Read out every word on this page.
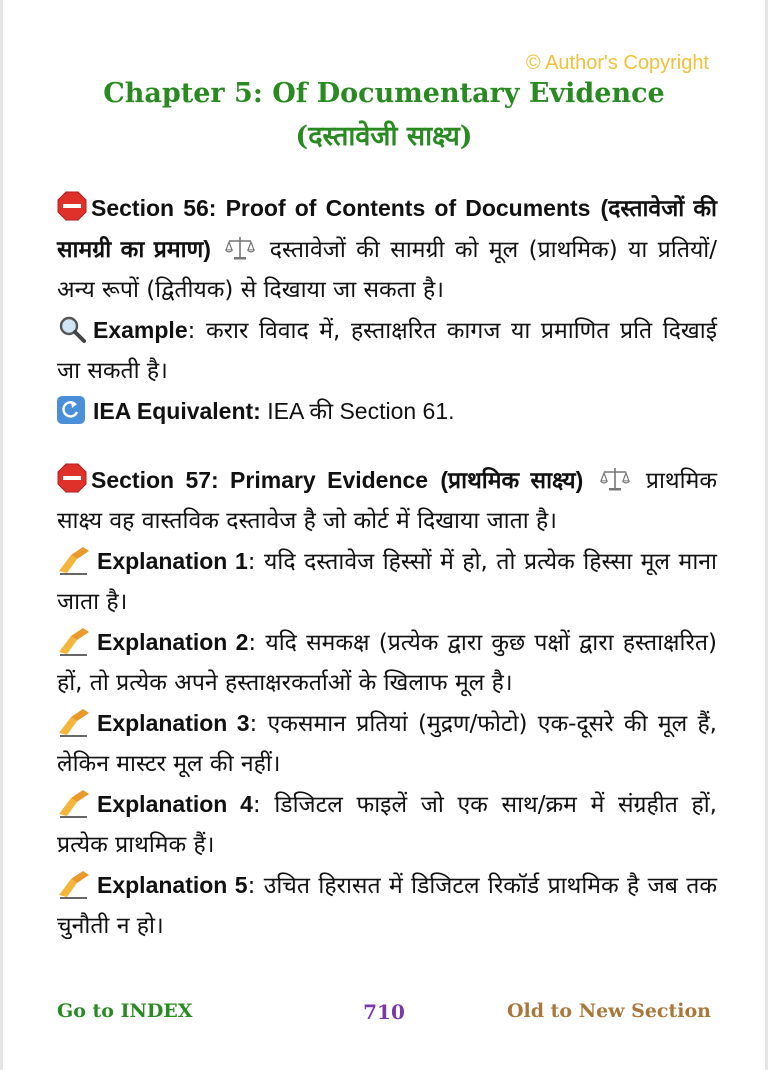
© Author's Copyright
Chapter 5: Of Documentary Evidence
(दस्तावेजी साक्ष्य)

Section 56: Proof of Contents of Documents (दस्तावेजों की सामग्री का प्रमाण)	दस्तावेजों की सामग्री को मूल (प्राथमिक) या प्रतियों/अन्य रूपों (द्वितीयक) से दिखाया जा सकता है।

Example: करार विवाद में, हस्ताक्षरित कागज या प्रमाणित प्रति दिखाई जा सकती है।

IEA Equivalent: IEA की Section 61.

Section 57: Primary Evidence (प्राथमिक साक्ष्य)	प्राथमिक साक्ष्य वह वास्तविक दस्तावेज है जो कोर्ट में दिखाया जाता है।

Explanation 1: यदि दस्तावेज हिस्सों में हो, तो प्रत्येक हिस्सा मूल माना जाता है।

Explanation 2: यदि समकक्ष (प्रत्येक द्वारा कुछ पक्षों द्वारा हस्ताक्षरित) हों, तो प्रत्येक अपने हस्ताक्षरकर्ताओं के खिलाफ मूल है।

Explanation 3: एकसमान प्रतियां (मुद्रण/फोटो) एक-दूसरे की मूल हैं, लेकिन मास्टर मूल की नहीं।

Explanation 4: डिजिटल फाइलें जो एक साथ/क्रम में संग्रहीत हों, प्रत्येक प्राथमिक हैं।

Explanation 5: उचित हिरासत में डिजिटल रिकॉर्ड प्राथमिक है जब तक चुनौती न हो।

Go to INDEX	710	Old to New Section
